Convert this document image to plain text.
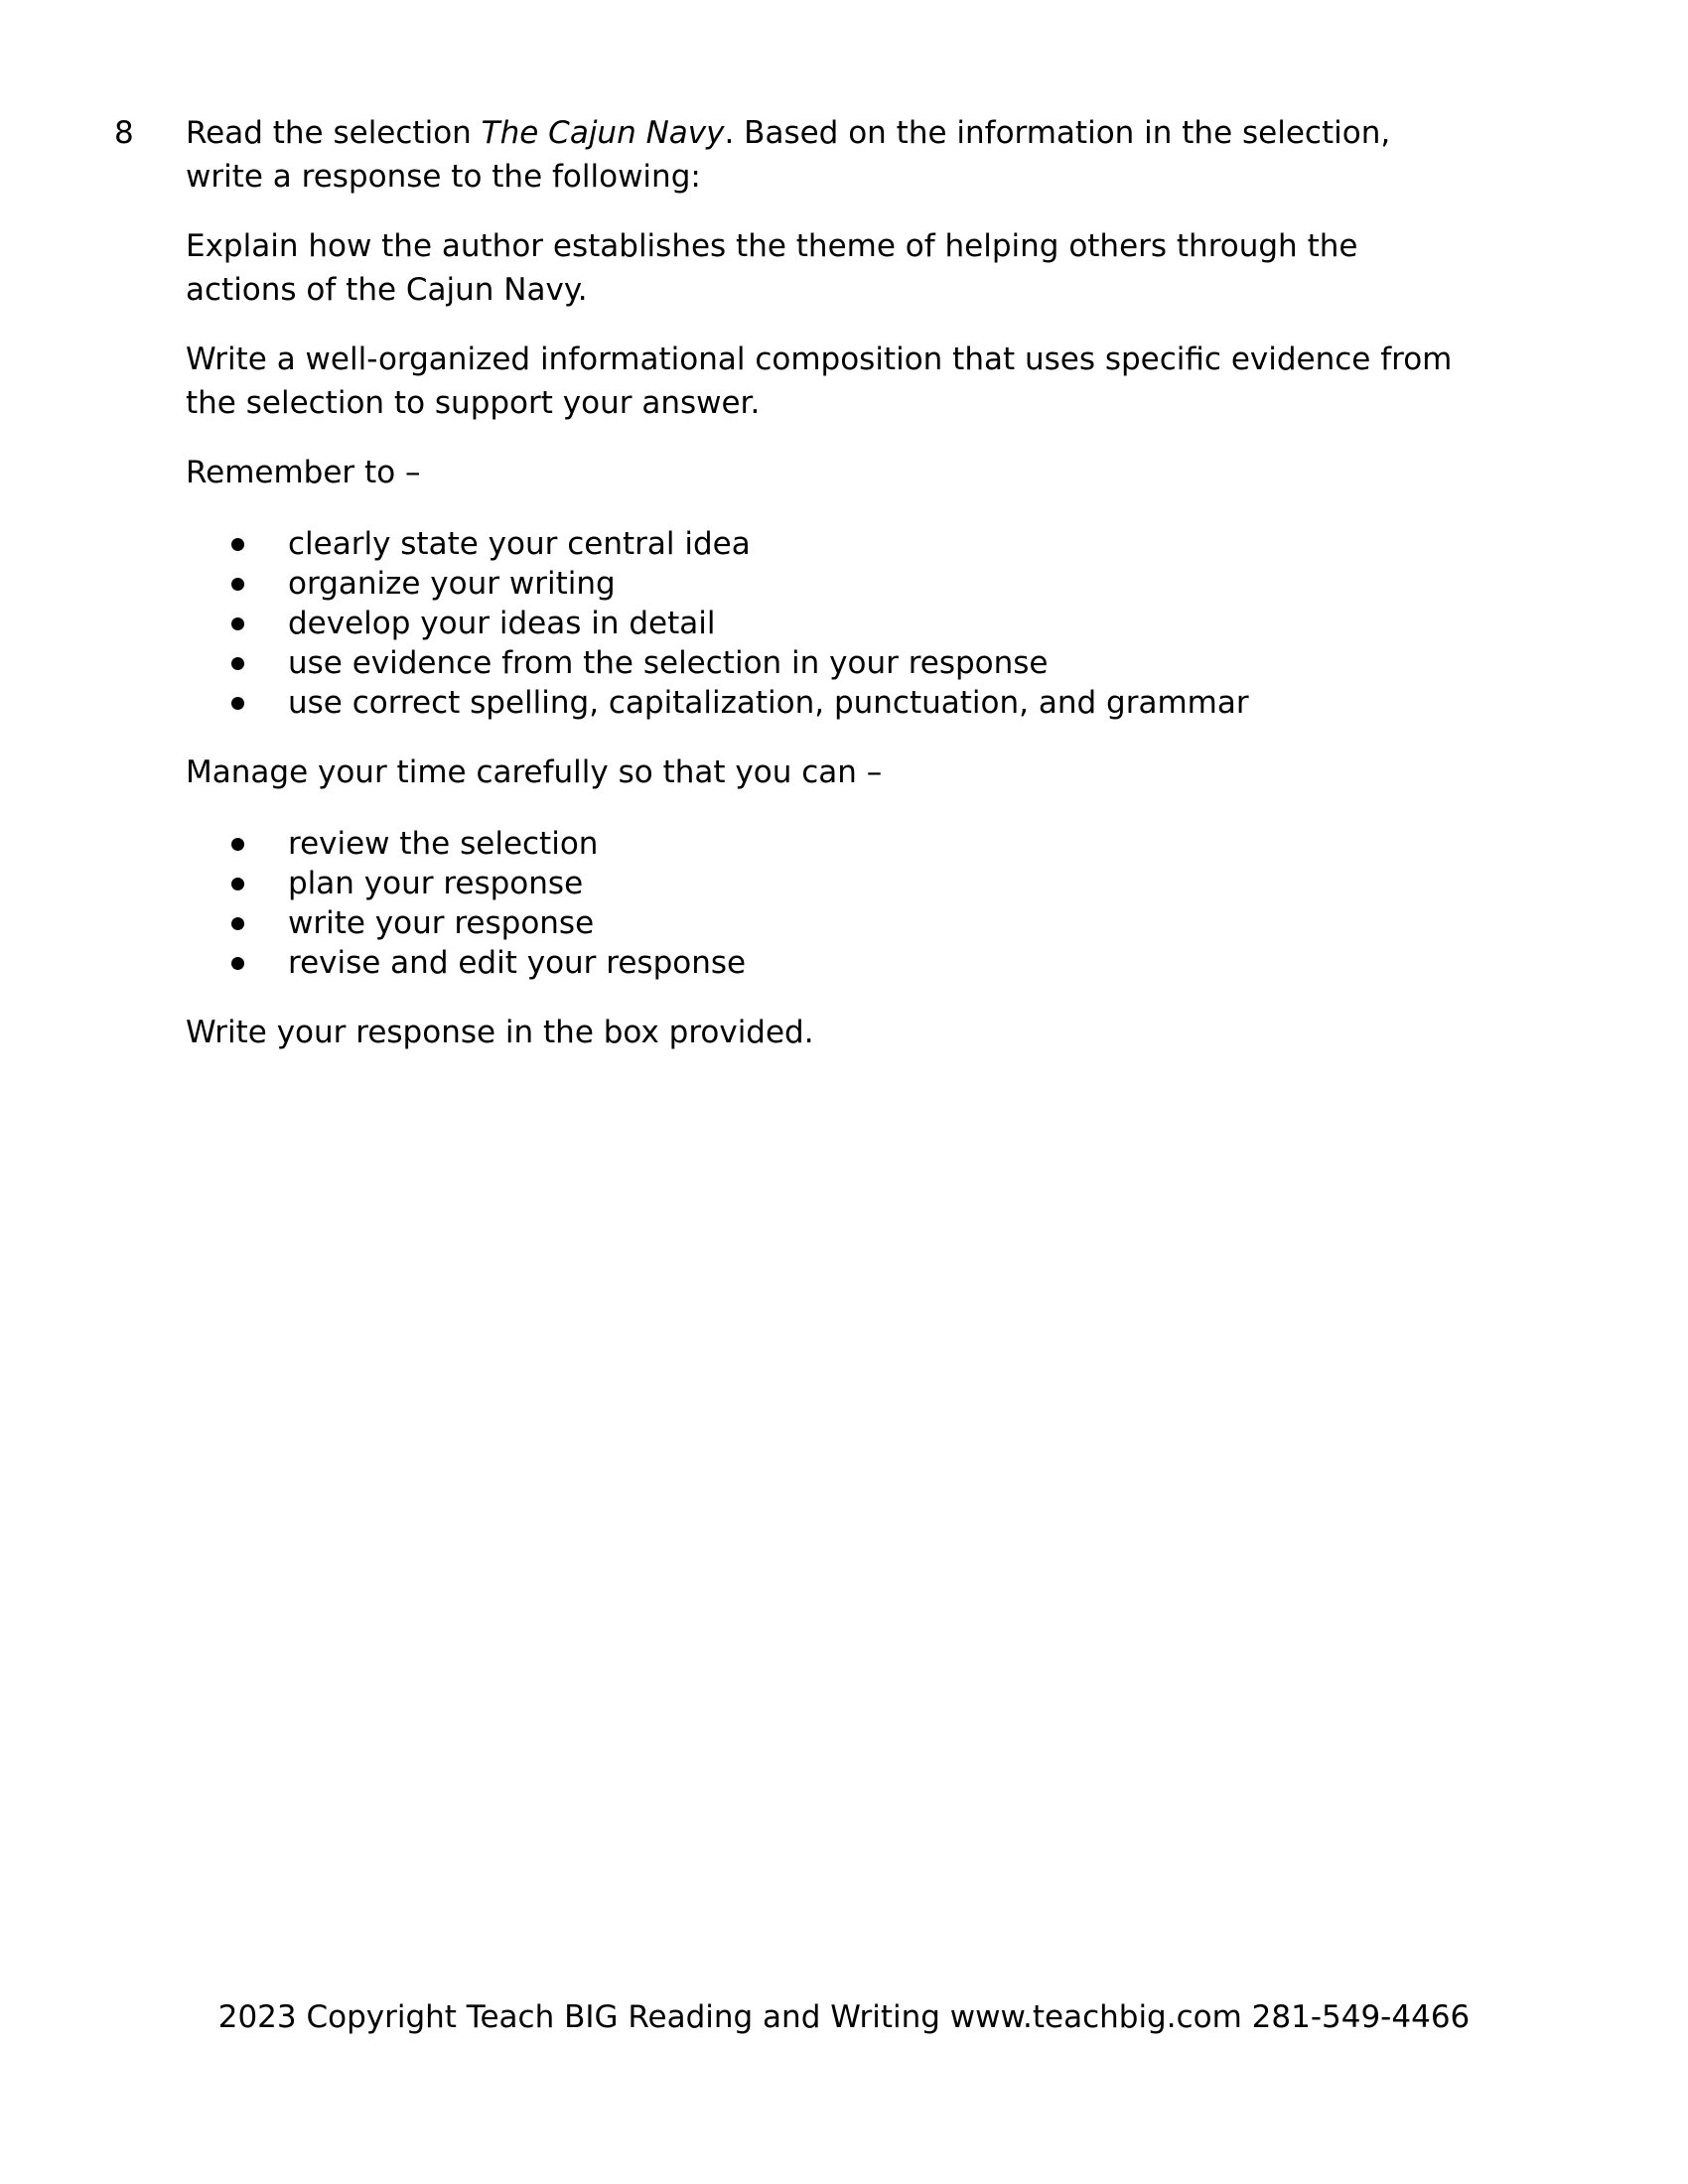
8 Read the selection The Cajun Navy. Based on the information in the selection,
write a response to the following:

Explain how the author establishes the theme of helping others through the
actions of the Cajun Navy.

Write a well-organized informational composition that uses specific evidence from
the selection to support your answer.

Remember to –

clearly state your central idea
organize your writing
develop your ideas in detail
use evidence from the selection in your response
use correct spelling, capitalization, punctuation, and grammar

Manage your time carefully so that you can –

review the selection
plan your response
write your response
revise and edit your response

Write your response in the box provided.

2023 Copyright Teach BIG Reading and Writing www.teachbig.com 281-549-4466
